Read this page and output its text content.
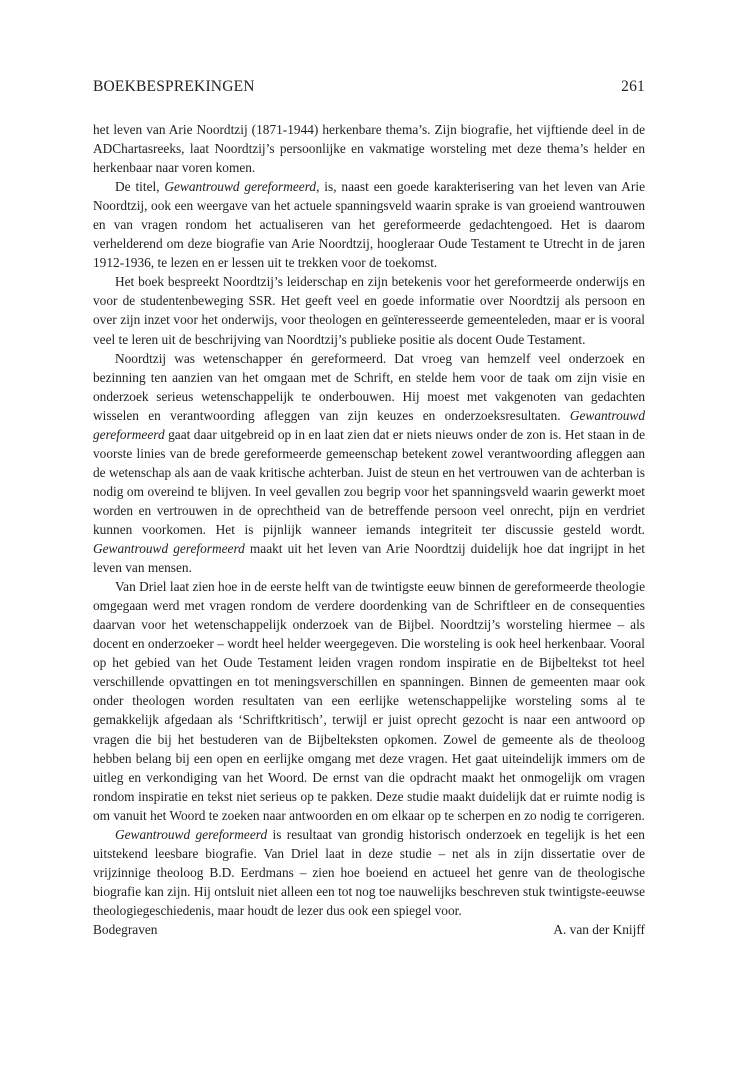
BOEKBESPREKINGEN	261

het leven van Arie Noordtzij (1871-1944) herkenbare thema’s. Zijn biografie, het vijftiende deel in de ADChartasreeks, laat Noordtzij’s persoonlijke en vakmatige worsteling met deze thema’s helder en herkenbaar naar voren komen.

De titel, Gewantrouwd gereformeerd, is, naast een goede karakterisering van het leven van Arie Noordtzij, ook een weergave van het actuele spanningsveld waarin sprake is van groeiend wantrouwen en van vragen rondom het actualiseren van het gereformeerde gedachtengoed. Het is daarom verhelderend om deze biografie van Arie Noordtzij, hoogleraar Oude Testament te Utrecht in de jaren 1912-1936, te lezen en er lessen uit te trekken voor de toekomst.

Het boek bespreekt Noordtzij’s leiderschap en zijn betekenis voor het gereformeerde onderwijs en voor de studentenbeweging SSR. Het geeft veel en goede informatie over Noordtzij als persoon en over zijn inzet voor het onderwijs, voor theologen en geïnteresseerde gemeenteleden, maar er is vooral veel te leren uit de beschrijving van Noordtzij’s publieke positie als docent Oude Testament.

Noordtzij was wetenschapper én gereformeerd. Dat vroeg van hemzelf veel onderzoek en bezinning ten aanzien van het omgaan met de Schrift, en stelde hem voor de taak om zijn visie en onderzoek serieus wetenschappelijk te onderbouwen. Hij moest met vakgenoten van gedachten wisselen en verantwoording afleggen van zijn keuzes en onderzoeksresultaten. Gewantrouwd gereformeerd gaat daar uitgebreid op in en laat zien dat er niets nieuws onder de zon is. Het staan in de voorste linies van de brede gereformeerde gemeenschap betekent zowel verantwoording afleggen aan de wetenschap als aan de vaak kritische achterban. Juist de steun en het vertrouwen van de achterban is nodig om overeind te blijven. In veel gevallen zou begrip voor het spanningsveld waarin gewerkt moet worden en vertrouwen in de oprechtheid van de betreffende persoon veel onrecht, pijn en verdriet kunnen voorkomen. Het is pijnlijk wanneer iemands integriteit ter discussie gesteld wordt. Gewantrouwd gereformeerd maakt uit het leven van Arie Noordtzij duidelijk hoe dat ingrijpt in het leven van mensen.

Van Driel laat zien hoe in de eerste helft van de twintigste eeuw binnen de gereformeerde theologie omgegaan werd met vragen rondom de verdere doordenking van de Schriftleer en de consequenties daarvan voor het wetenschappelijk onderzoek van de Bijbel. Noordtzij’s worsteling hiermee – als docent en onderzoeker – wordt heel helder weergegeven. Die worsteling is ook heel herkenbaar. Vooral op het gebied van het Oude Testament leiden vragen rondom inspiratie en de Bijbeltekst tot heel verschillende opvattingen en tot meningsverschillen en spanningen. Binnen de gemeenten maar ook onder theologen worden resultaten van een eerlijke wetenschappelijke worsteling soms al te gemakkelijk afgedaan als ‘Schriftkritisch’, terwijl er juist oprecht gezocht is naar een antwoord op vragen die bij het bestuderen van de Bijbelteksten opkomen. Zowel de gemeente als de theoloog hebben belang bij een open en eerlijke omgang met deze vragen. Het gaat uiteindelijk immers om de uitleg en verkondiging van het Woord. De ernst van die opdracht maakt het onmogelijk om vragen rondom inspiratie en tekst niet serieus op te pakken. Deze studie maakt duidelijk dat er ruimte nodig is om vanuit het Woord te zoeken naar antwoorden en om elkaar op te scherpen en zo nodig te corrigeren.

Gewantrouwd gereformeerd is resultaat van grondig historisch onderzoek en tegelijk is het een uitstekend leesbare biografie. Van Driel laat in deze studie – net als in zijn dissertatie over de vrijzinnige theoloog B.D. Eerdmans – zien hoe boeiend en actueel het genre van de theologische biografie kan zijn. Hij ontsluit niet alleen een tot nog toe nauwelijks beschreven stuk twintigste-eeuwse theologiegeschiedenis, maar houdt de lezer dus ook een spiegel voor.

Bodegraven	A. van der Knijff
